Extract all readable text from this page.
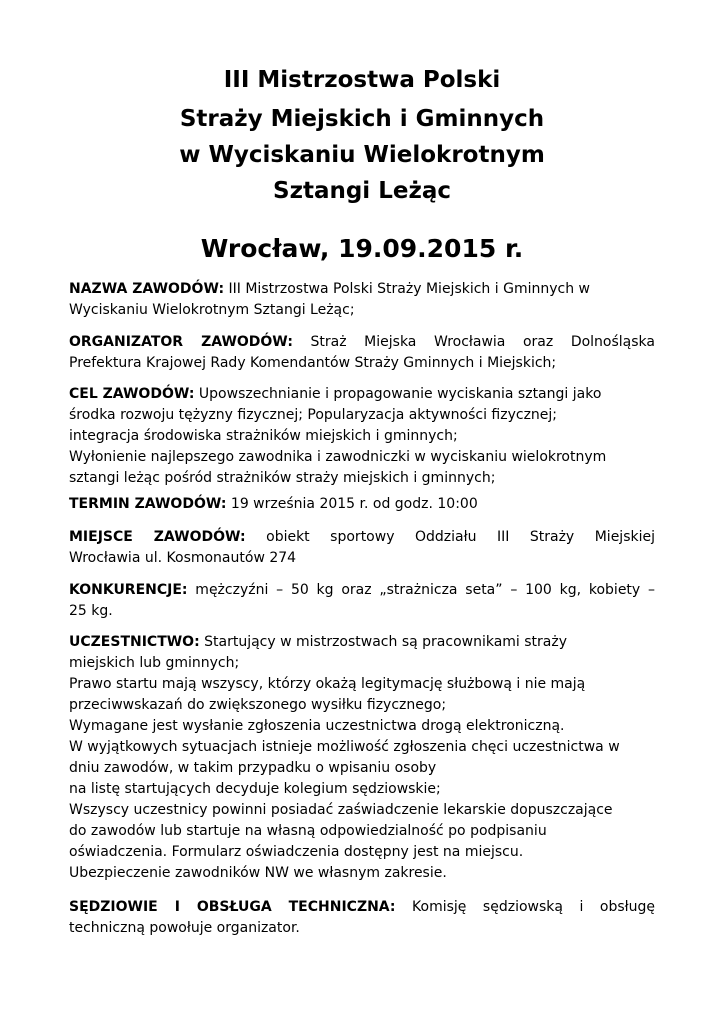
III Mistrzostwa Polski
Straży Miejskich i Gminnych
w Wyciskaniu Wielokrotnym
Sztangi Leżąc
Wrocław, 19.09.2015 r.
NAZWA ZAWODÓW: III Mistrzostwa Polski Straży Miejskich i Gminnych w
Wyciskaniu Wielokrotnym Sztangi Leżąc;
ORGANIZATOR ZAWODÓW: Straż Miejska Wrocławia oraz Dolnośląska
Prefektura Krajowej Rady Komendantów Straży Gminnych i Miejskich;
CEL ZAWODÓW: Upowszechnianie i propagowanie wyciskania sztangi jako
środka rozwoju tężyzny fizycznej; Popularyzacja aktywności fizycznej;
integracja środowiska strażników miejskich i gminnych;
Wyłonienie najlepszego zawodnika i zawodniczki w wyciskaniu wielokrotnym
sztangi leżąc pośród strażników straży miejskich i gminnych;
TERMIN ZAWODÓW: 19 września 2015 r. od godz. 10:00
MIEJSCE ZAWODÓW: obiekt sportowy Oddziału III Straży Miejskiej
Wrocławia ul. Kosmonautów 274
KONKURENCJE: mężczyźni – 50 kg oraz „strażnicza seta” – 100 kg, kobiety –
25 kg.
UCZESTNICTWO: Startujący w mistrzostwach są pracownikami straży
miejskich lub gminnych;
Prawo startu mają wszyscy, którzy okażą legitymację służbową i nie mają
przeciwwskazań do zwiększonego wysiłku fizycznego;
Wymagane jest wysłanie zgłoszenia uczestnictwa drogą elektroniczną.
W wyjątkowych sytuacjach istnieje możliwość zgłoszenia chęci uczestnictwa w
dniu zawodów, w takim przypadku o wpisaniu osoby
na listę startujących decyduje kolegium sędziowskie;
Wszyscy uczestnicy powinni posiadać zaświadczenie lekarskie dopuszczające
do zawodów lub startuje na własną odpowiedzialność po podpisaniu
oświadczenia. Formularz oświadczenia dostępny jest na miejscu.
Ubezpieczenie zawodników NW we własnym zakresie.
SĘDZIOWIE I OBSŁUGA TECHNICZNA: Komisję sędziowską i obsługę
techniczną powołuje organizator.
